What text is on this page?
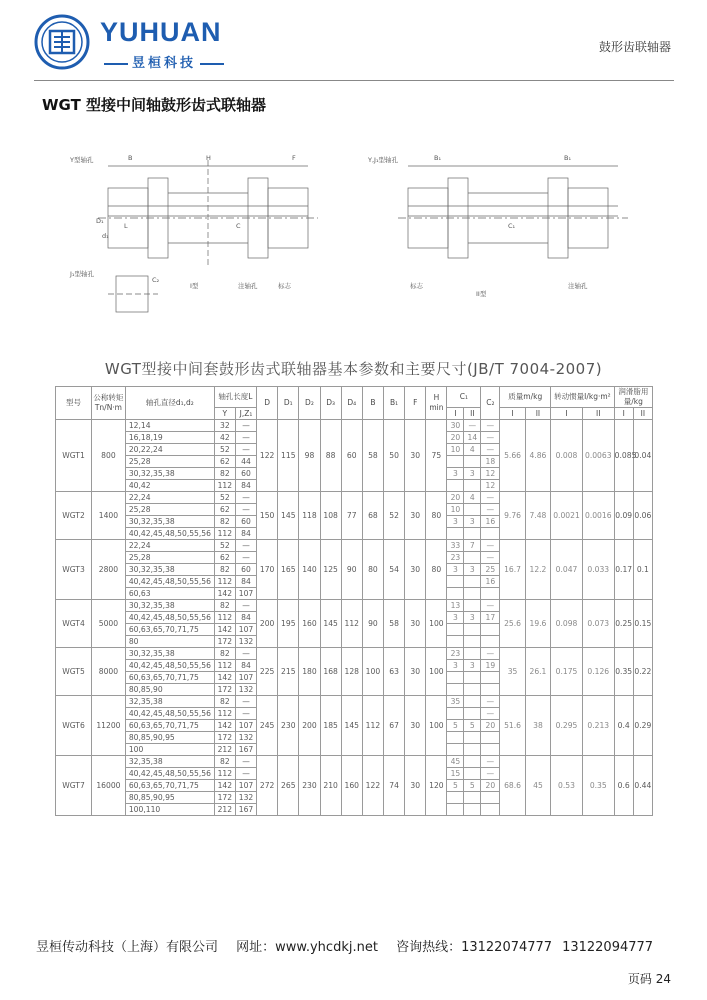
YUHUAN
昱桓科技
鼓形齿联轴器
WGT 型接中间轴鼓形齿式联轴器
Y型轴孔	B	H	F
L
D₁
d₁
C
I型	注轴孔	标志
J₁型轴孔
C₂
Y,J₁型轴孔	B₁	B₁
C₁
标志
II型
注轴孔
WGT型接中间套鼓形齿式联轴器基本参数和主要尺寸(JB/T 7004-2007)
型号	公称转矩Tn/N·m	轴孔直径d₁,d₂	轴孔长度L		D	D₁	D₂	D₃	D₄	B	B₁	F	H min	C₁		C₂	质量m/kg		转动惯量I/kg·m²		润滑脂用量/kg	
			Y	J,Z₁										I	II		I	II	I	II	I	II
WGT1	800	12,14	32	—	122	115	98	88	60	58	50	30	75	30	—	—	5.66	4.86	0.008	0.0063	0.085	0.04
		16,18,19	42	—										20	14	—						
		20,22,24	52	—										10	4	—						
		25,28	62	44												18						
		30,32,35,38	82	60										3	3	12						
		40,42	112	84												12						
WGT2	1400	22,24	52	—	150	145	118	108	77	68	52	30	80	20	4	—	9.76	7.48	0.0021	0.0016	0.09	0.06
		25,28	62	—										10		—						
		30,32,35,38	82	60										3	3	16						
		40,42,45,48,50,55,56	112	84																		
WGT3	2800	22,24	52	—	170	165	140	125	90	80	54	30	80	33	7	—	16.7	12.2	0.047	0.033	0.17	0.1
		25,28	62	—										23		—						
		30,32,35,38	82	60										3	3	25						
		40,42,45,48,50,55,56	112	84												16						
		60,63	142	107																		
WGT4	5000	30,32,35,38	82	—	200	195	160	145	112	90	58	30	100	13		—	25.6	19.6	0.098	0.073	0.25	0.15
		40,42,45,48,50,55,56	112	84										3	3	17						
		60,63,65,70,71,75	142	107																		
		80	172	132																		
WGT5	8000	30,32,35,38	82	—	225	215	180	168	128	100	63	30	100	23		—	35	26.1	0.175	0.126	0.35	0.22
		40,42,45,48,50,55,56	112	84										3	3	19						
		60,63,65,70,71,75	142	107																		
		80,85,90	172	132																		
WGT6	11200	32,35,38	82	—	245	230	200	185	145	112	67	30	100	35		—	51.6	38	0.295	0.213	0.4	0.29
		40,42,45,48,50,55,56	112	—												—						
		60,63,65,70,71,75	142	107										5	5	20						
		80,85,90,95	172	132																		
		100	212	167																		
WGT7	16000	32,35,38	82	—	272	265	230	210	160	122	74	30	120	45		—	68.6	45	0.53	0.35	0.6	0.44
		40,42,45,48,50,55,56	112	—										15		—						
		60,63,65,70,71,75	142	107										5	5	20						
		80,85,90,95	172	132																		
		100,110	212	167																		
昱桓传动科技（上海）有限公司 网址：www.yhcdkj.net 咨询热线：13122074777 13122094777
页码 24
